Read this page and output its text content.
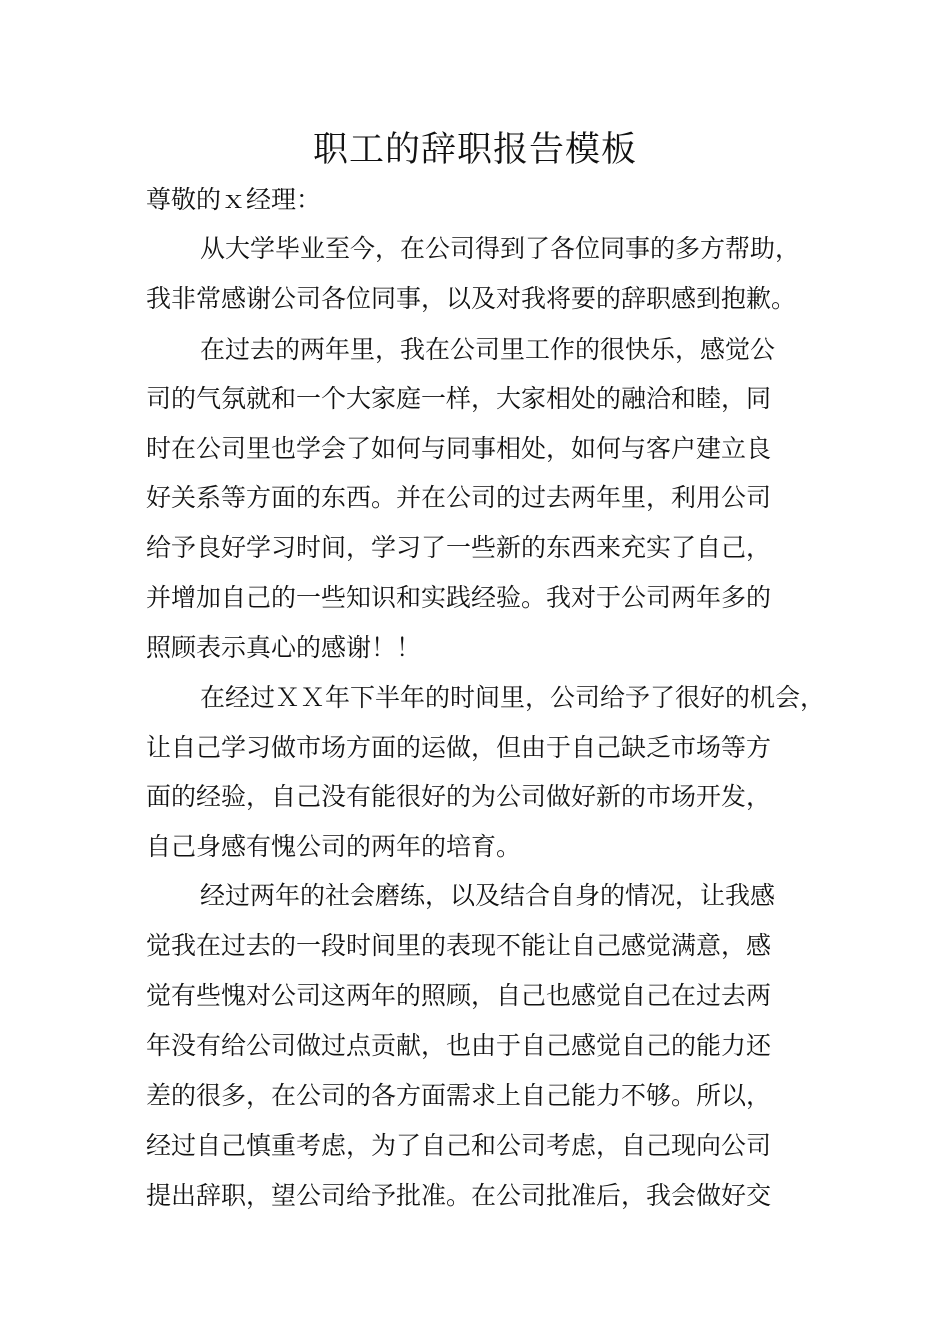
职工的辞职报告模板

尊敬的ｘ经理：

从大学毕业至今，在公司得到了各位同事的多方帮助，

我非常感谢公司各位同事，以及对我将要的辞职感到抱歉。

在过去的两年里，我在公司里工作的很快乐，感觉公

司的气氛就和一个大家庭一样，大家相处的融洽和睦，同

时在公司里也学会了如何与同事相处，如何与客户建立良

好关系等方面的东西。并在公司的过去两年里，利用公司

给予良好学习时间，学习了一些新的东西来充实了自己，

并增加自己的一些知识和实践经验。我对于公司两年多的

照顾表示真心的感谢！！

在经过ＸＸ年下半年的时间里，公司给予了很好的机会，

让自己学习做市场方面的运做，但由于自己缺乏市场等方

面的经验，自己没有能很好的为公司做好新的市场开发，

自己身感有愧公司的两年的培育。

经过两年的社会磨练，以及结合自身的情况，让我感

觉我在过去的一段时间里的表现不能让自己感觉满意，感

觉有些愧对公司这两年的照顾，自己也感觉自己在过去两

年没有给公司做过点贡献，也由于自己感觉自己的能力还

差的很多，在公司的各方面需求上自己能力不够。所以，

经过自己慎重考虑，为了自己和公司考虑，自己现向公司

提出辞职，望公司给予批准。在公司批准后，我会做好交
